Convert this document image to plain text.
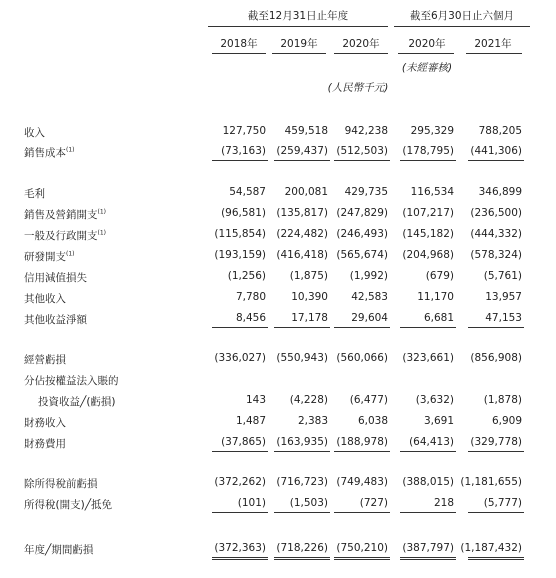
截至12月31日止年度	截至6月30日止六個月
2018年	2019年	2020年	2020年	2021年
(未經審核)
(人民幣千元)
收入	127,750	459,518	942,238	295,329	788,205
銷售成本$^{(1)}$	(73,163) (259,437) (512,503)	(178,795)	(441,306)
毛利	54,587	200,081	429,735	116,534	346,899
銷售及營銷開支$^{(1)}$	(96,581) (135,817) (247,829)	(107,217)	(236,500)
一般及行政開支$^{(1)}$	(115,854) (224,482) (246,493)	(145,182)	(444,332)
研發開支$^{(1)}$	(193,159) (416,418) (565,674)	(204,968)	(578,324)
信用減值損失	(1,256)	(1,875)	(1,992)	(679)	(5,761)
其他收入	7,780	10,390	42,583	11,170	13,957
其他收益淨額	8,456	17,178	29,604	6,681	47,153
經營虧損	(336,027) (550,943) (560,066)	(323,661)	(856,908)
分佔按權益法入賬的
投資收益╱(虧損)	143	(4,228)	(6,477)	(3,632)	(1,878)
財務收入	1,487	2,383	6,038	3,691	6,909
財務費用	(37,865) (163,935) (188,978)	(64,413)	(329,778)
除所得稅前虧損	(372,262) (716,723) (749,483)	(388,015) (1,181,655)
所得稅(開支)╱抵免	(101)	(1,503)	(727)	218	(5,777)
年度╱期間虧損	(372,363) (718,226) (750,210)	(387,797) (1,187,432)
